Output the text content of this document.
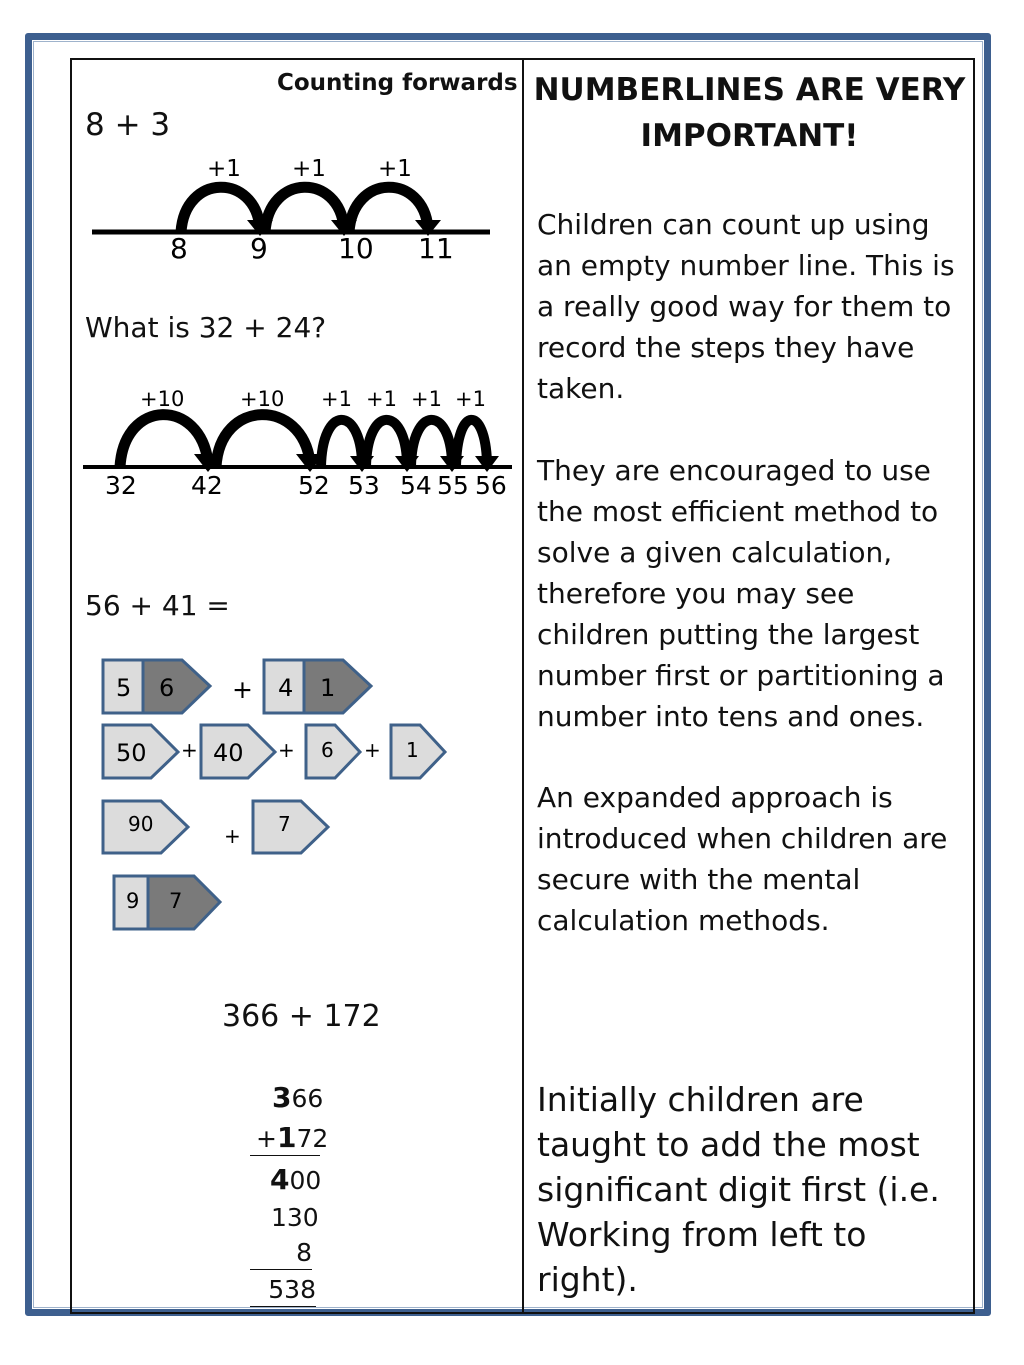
Counting forwards
8 + 3
+1 +1 +1
8 9	10 11
What is 32 + 24?
+10	+10 +1 +1 +1 +1
32 42	52 53 54 55 56
56 + 41 =
5 6 + 4 1
50 + 40 + 6 + 1
90	+ 7
9 7
366 + 172
366
+172
400
130
8
538
NUMBERLINES ARE VERY IMPORTANT!
Children can count up using an empty number line. This is a really good way for them to record the steps they have taken.
They are encouraged to use the most efficient method to solve a given calculation, therefore you may see children putting the largest number first or partitioning a number into tens and ones.
An expanded approach is introduced when children are secure with the mental calculation methods.
Initially children are taught to add the most significant digit first (i.e. Working from left to right).
